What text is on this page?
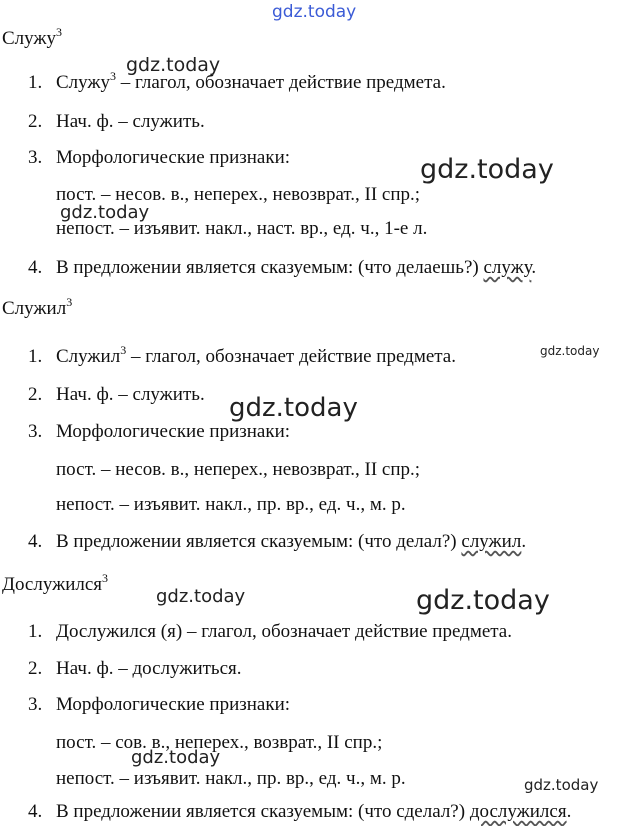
gdz.today
gdz.today
gdz.today
gdz.today
gdz.today
gdz.today
gdz.today	gdz.today
gdz.today
gdz.today
Служу$^3$
1. Служу$^3$ – глагол, обозначает действие предмета.
2. Нач. ф. – служить.
3. Морфологические признаки:
пост. – несов. в., неперех., невозврат., II спр.;
непост. – изъявит. накл., наст. вр., ед. ч., 1-е л.
4. В предложении является сказуемым: (что делаешь?) служу.
Служил$^3$
1. Служил$^3$ – глагол, обозначает действие предмета.
2. Нач. ф. – служить.
3. Морфологические признаки:
пост. – несов. в., неперех., невозврат., II спр.;
непост. – изъявит. накл., пр. вр., ед. ч., м. р.
4. В предложении является сказуемым: (что делал?) служил.
Дослужился$^3$
1. Дослужился (я) – глагол, обозначает действие предмета.
2. Нач. ф. – дослужиться.
3. Морфологические признаки:
пост. – сов. в., неперех., возврат., II спр.;
непост. – изъявит. накл., пр. вр., ед. ч., м. р.
4. В предложении является сказуемым: (что сделал?) дослужился.
